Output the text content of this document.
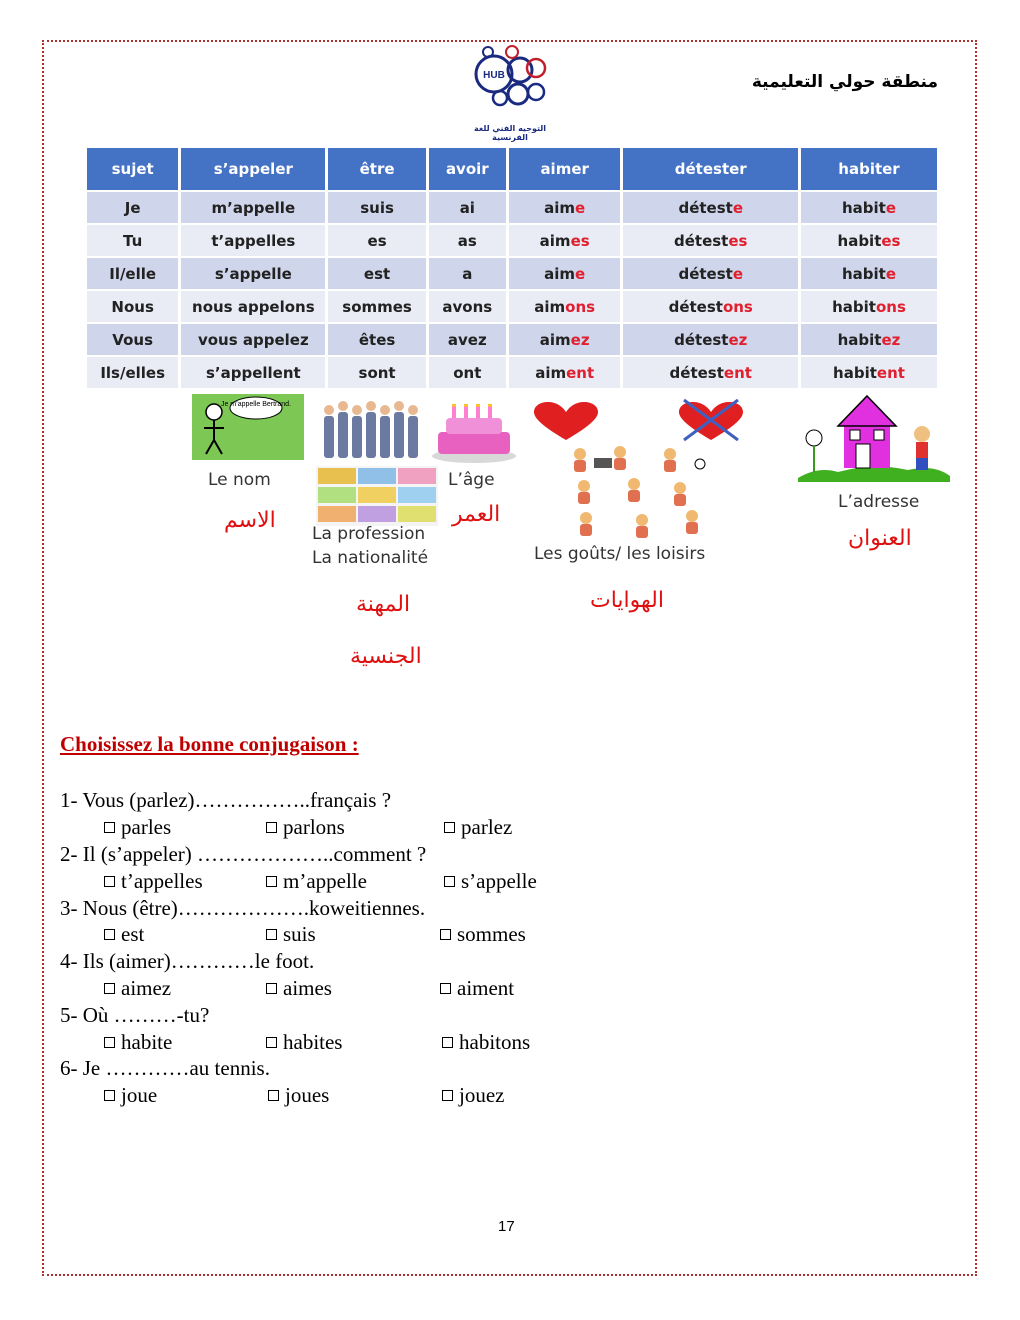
منطقة حولي التعليمية
HUB
التوجيه الفني للغة الفرنسية
sujet	s’appeler	être	avoir	aimer	détester	habiter
Je	m’appelle	suis	ai	aime	déteste	habite
Tu	t’appelles	es	as	aimes	détestes	habites
Il/elle	s’appelle	est	a	aime	déteste	habite
Nous	nous appelons	sommes	avons	aimons	détestons	habitons
Vous	vous appelez	êtes	avez	aimez	détestez	habitez
Ils/elles	s’appellent	sont	ont	aiment	détestent	habitent
Je m’appelle Bertrand.
Le nom
الاسم
La profession
La nationalité
L’âge
العمر
Les goûts/ les loisirs
الهوايات
L’adresse
العنوان
المهنة
الجنسية
Choisissez la bonne conjugaison :
1- Vous (parlez)……………..français ?
parles	parlons	parlez
2- Il (s’appeler) ………………..comment ?
t’appelles	m’appelle	s’appelle
3- Nous (être)……………….koweitiennes.
est	suis	sommes
4- Ils (aimer)…………le foot.
aimez	aimes	aiment
5- Où ………-tu?
habite	habites	habitons
6- Je …………au tennis.
joue	joues	jouez
17
